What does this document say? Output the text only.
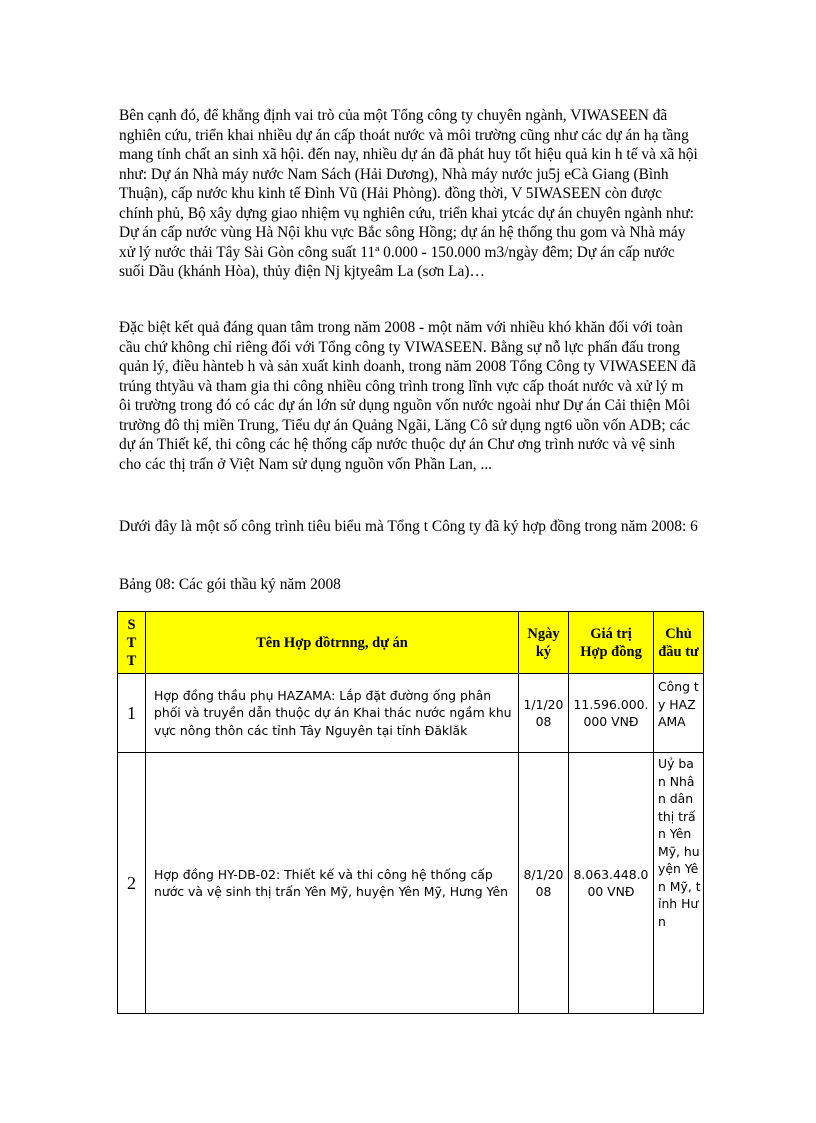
Bên cạnh đó, để khẳng định vai trò của một Tổng công ty chuyên ngành, VIWASEEN đã nghiên cứu, triển khai nhiều dự án cấp thoát nước và môi trường cũng như các dự án hạ tầng mang tính chất an sinh xã hội. đến nay, nhiều dự án đã phát huy tốt hiệu quả kin h tế và xã hội như: Dự án Nhà máy nước Nam Sách (Hải Dương), Nhà máy nước ju5j eCà Giang (Bình Thuận), cấp nước khu kinh tế Đình Vũ (Hải Phòng). đồng thời, V 5IWASEEN còn được chính phủ, Bộ xây dựng giao nhiệm vụ nghiên cứu, triển khai ytcác dự án chuyên ngành như: Dự án cấp nước vùng Hà Nội khu vực Bắc sông Hồng; dự án hệ thống thu gom và Nhà máy xử lý nước thải Tây Sài Gòn công suất 11ª 0.000 - 150.000 m3/ngày đêm; Dự án cấp nước suối Dầu (khánh Hòa), thủy điện Nj kjtyeâm La (sơn La)…

Đặc biệt kết quả đáng quan tâm trong năm 2008 - một năm với nhiều khó khăn đối với toàn cầu chứ không chỉ riêng đối với Tổng công ty VIWASEEN. Bằng sự nỗ lực phấn đấu trong quản lý, điều hànteb h và sản xuất kinh doanh, trong năm 2008 Tổng Công ty VIWASEEN đã trúng thtyầu và tham gia thi công nhiều công trình trong lĩnh vực cấp thoát nước và xử lý m ôi trường trong đó có các dự án lớn sử dụng nguồn vốn nước ngoài như Dự án Cải thiện Môi trường đô thị miền Trung, Tiểu dự án Quảng Ngãi, Lăng Cô sử dụng ngt6 uồn vốn ADB; các dự án Thiết kế, thi công các hệ thống cấp nước thuộc dự án Chư ơng trình nước và vệ sinh cho các thị trấn ở Việt Nam sử dụng nguồn vốn Phần Lan, ...

Dưới đây là một số công trình tiêu biểu mà Tổng t Công ty đã ký hợp đồng trong năm 2008: 6

Bảng 08: Các gói thầu ký năm 2008

STT	Tên Hợp đồtrnng, dự án	Ngày ký	Giá trị Hợp đồng	Chủ đầu tư
1	Hợp đồng thầu phụ HAZAMA: Lắp đặt đường ống phân phối và truyền dẫn thuộc dự án Khai thác nước ngầm khu vực nông thôn các tỉnh Tây Nguyên tại tỉnh Đăklăk	1/1/2008	11.596.000.000 VNĐ	Công ty HAZAMA
2	Hợp đồng HY-DB-02: Thiết kế và thi công hệ thống cấp nước và vệ sinh thị trấn Yên Mỹ, huyện Yên Mỹ, Hưng Yên	8/1/2008	8.063.448.000 VNĐ	Uỷ ban Nhân dân thị trấn Yên Mỹ, huyện Yên Mỹ, tỉnh Hưn
